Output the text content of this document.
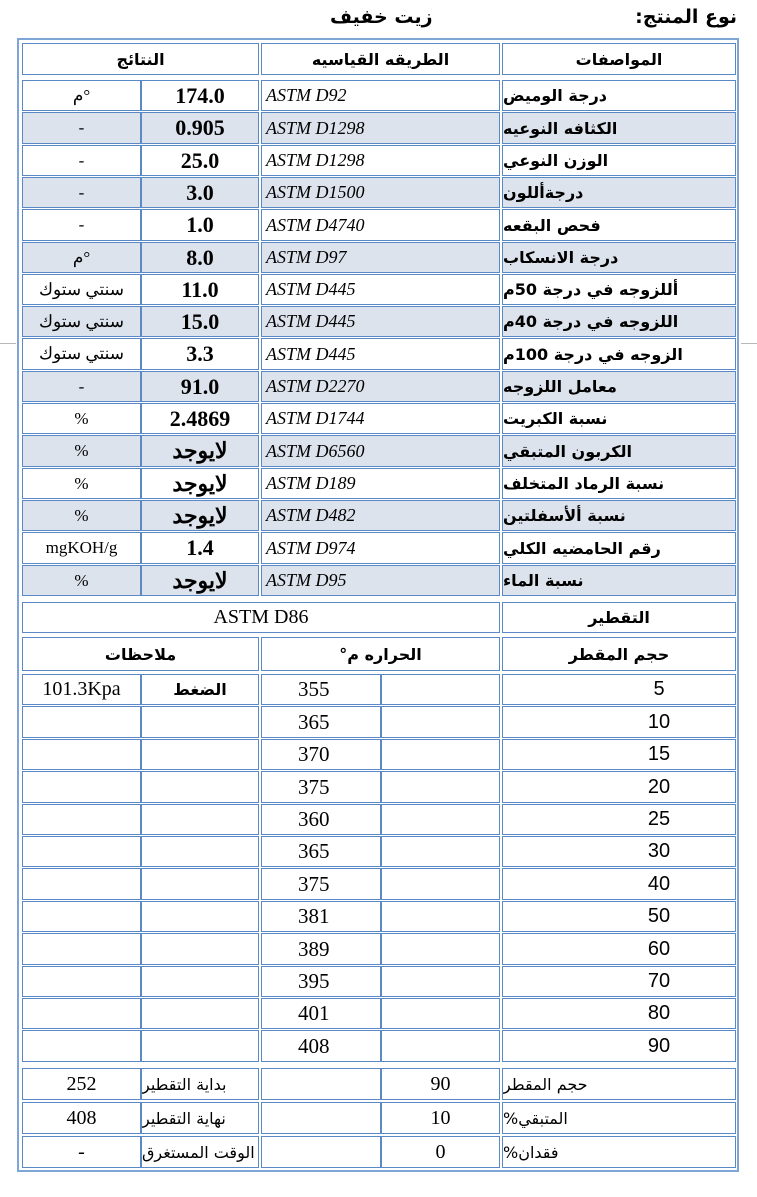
نوع المنتج:
زيت خفيف
المواصفات
الطريقه القياسيه
النتائج
درجة الوميض
ASTM D92
174.0
م°
الكثافه النوعيه
ASTM D1298
0.905
-
الوزن النوعي
ASTM D1298
25.0
-
درجةأللون
ASTM D1500
3.0
-
فحص البقعه
ASTM D4740
1.0
-
درجة الانسكاب
ASTM D97
8.0
م°
أللزوجه في درجة 50م
ASTM D445
11.0
سنتي ستوك
اللزوجه في درجة 40م
ASTM D445
15.0
سنتي ستوك
الزوجه في درجة 100م
ASTM D445
3.3
سنتي ستوك
معامل اللزوجه
ASTM D2270
91.0
-
نسبة الكبريت
ASTM D1744
2.4869
%
الكربون المتبقي
ASTM D6560
لايوجد
%
نسبة الرماد المتخلف
ASTM D189
لايوجد
%
نسبة ألأسفلتين
ASTM D482
لايوجد
%
رقم الحامضيه الكلي
ASTM D974
1.4
mgKOH/g
نسبة الماء
ASTM D95
لايوجد
%
التقطير
ASTM D86
حجم المقطر
الحراره م°
ملاحظات
5
355
الضغط
101.3Kpa
10
365
15
370
20
375
25
360
30
365
40
375
50
381
60
389
70
395
80
401
90
408
حجم المقطر
90
بداية التقطير
252
المتبقي%
10
نهاية التقطير
408
فقدان%
0
الوقت المستغرق
-
